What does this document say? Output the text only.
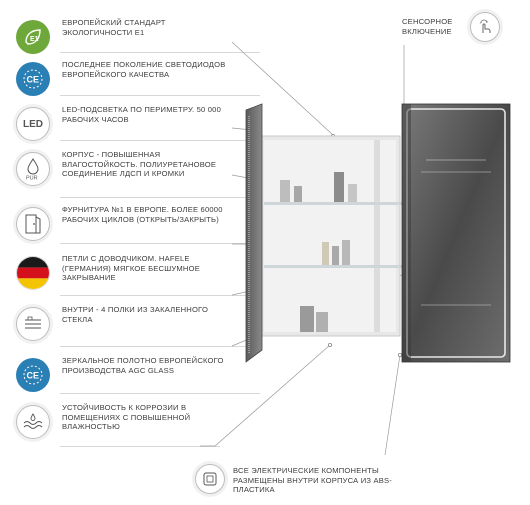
E1
ЕВРОПЕЙСКИЙ СТАНДАРТ ЭКОЛОГИЧНОСТИ Е1
CE
ПОСЛЕДНЕЕ ПОКОЛЕНИЕ СВЕТОДИОДОВ ЕВРОПЕЙСКОГО КАЧЕСТВА
LED
LED-ПОДСВЕТКА ПО ПЕРИМЕТРУ. 50 000 РАБОЧИХ ЧАСОВ
PUR
КОРПУС - ПОВЫШЕННАЯ ВЛАГОСТОЙКОСТЬ. ПОЛИУРЕТАНОВОЕ СОЕДИНЕНИЕ ЛДСП И КРОМКИ
ФУРНИТУРА №1 В ЕВРОПЕ. БОЛЕЕ 60000 РАБОЧИХ ЦИКЛОВ (ОТКРЫТЬ/ЗАКРЫТЬ)
ПЕТЛИ С ДОВОДЧИКОМ. HAFELE (ГЕРМАНИЯ) МЯГКОЕ БЕСШУМНОЕ ЗАКРЫВАНИЕ
ВНУТРИ - 4 ПОЛКИ ИЗ ЗАКАЛЕННОГО СТЕКЛА
CE
ЗЕРКАЛЬНОЕ ПОЛОТНО ЕВРОПЕЙСКОГО ПРОИЗВОДСТВА AGC GLASS
УСТОЙЧИВОСТЬ К КОРРОЗИИ В ПОМЕЩЕНИЯХ С ПОВЫШЕННОЙ ВЛАЖНОСТЬЮ
СЕНСОРНОЕ
ВКЛЮЧЕНИЕ
ВСЕ ЭЛЕКТРИЧЕСКИЕ КОМПОНЕНТЫ РАЗМЕЩЕНЫ ВНУТРИ КОРПУСА ИЗ ABS-ПЛАСТИКА
